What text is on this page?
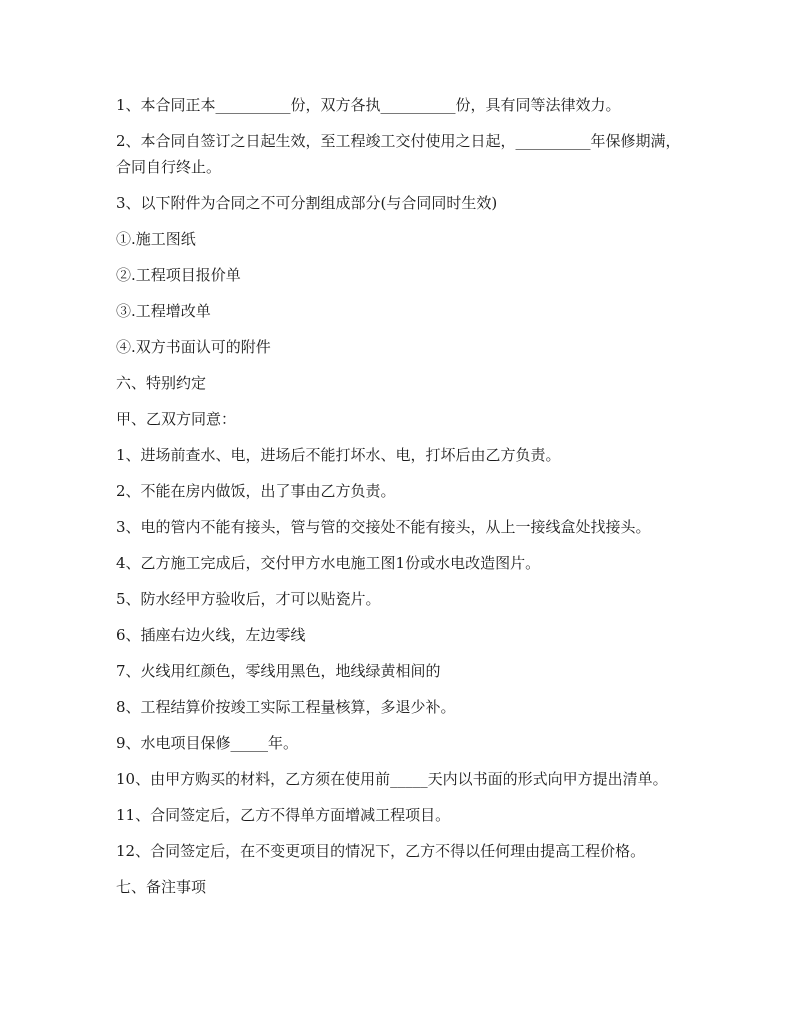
1、本合同正本__________份，双方各执__________份，具有同等法律效力。

2、本合同自签订之日起生效，至工程竣工交付使用之日起，__________年保修期满，合同自行终止。

3、以下附件为合同之不可分割组成部分(与合同同时生效)

①.施工图纸

②.工程项目报价单

③.工程增改单

④.双方书面认可的附件

六、特别约定

甲、乙双方同意：

1、进场前查水、电，进场后不能打坏水、电，打坏后由乙方负责。

2、不能在房内做饭，出了事由乙方负责。

3、电的管内不能有接头，管与管的交接处不能有接头，从上一接线盒处找接头。

4、乙方施工完成后，交付甲方水电施工图1份或水电改造图片。

5、防水经甲方验收后，才可以贴瓷片。

6、插座右边火线，左边零线

7、火线用红颜色，零线用黑色，地线绿黄相间的

8、工程结算价按竣工实际工程量核算，多退少补。

9、水电项目保修_____年。

10、由甲方购买的材料，乙方须在使用前_____天内以书面的形式向甲方提出清单。

11、合同签定后，乙方不得单方面增减工程项目。

12、合同签定后，在不变更项目的情况下，乙方不得以任何理由提高工程价格。

七、备注事项
